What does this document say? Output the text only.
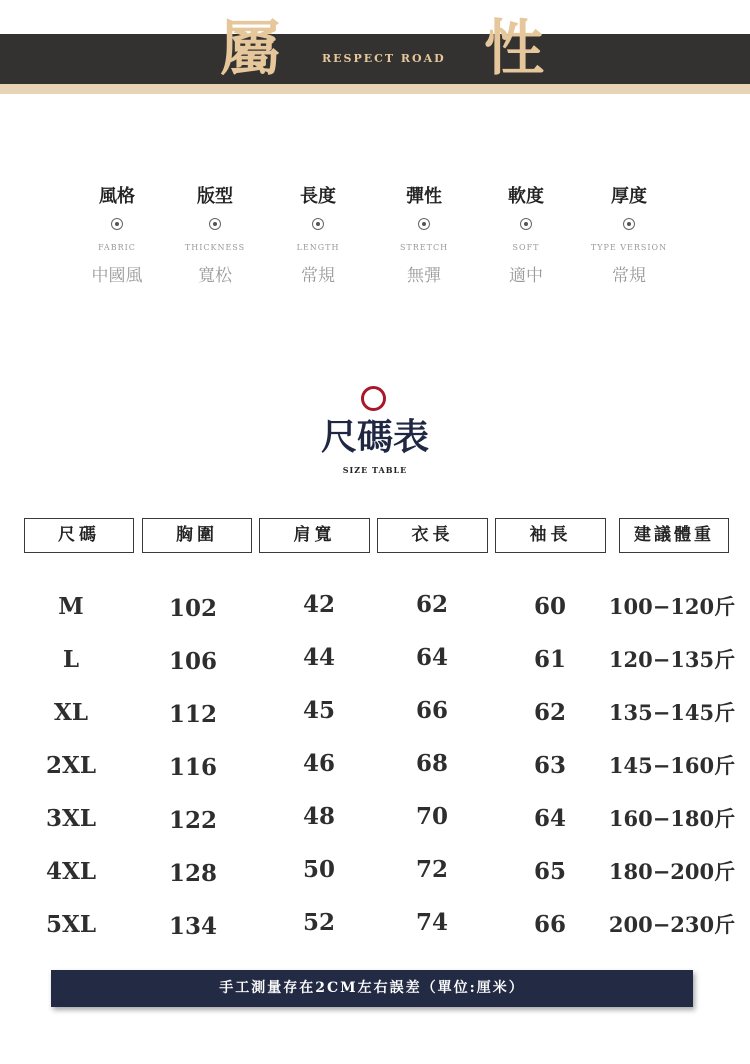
屬	性
RESPECT ROAD
風格
FABRIC
中國風
版型
THICKNESS
寬松
長度
LENGTH
常規
彈性
STRETCH
無彈
軟度
SOFT
適中
厚度
TYPE VERSION
常規
尺碼表
SIZE TABLE
尺碼	胸圍	肩寬	衣長	袖長	建議體重
M	102	42	62	60	100−120斤
L	106	44	64	61	120−135斤
XL	112	45	66	62	135−145斤
2XL	116	46	68	63	145−160斤
3XL	122	48	70	64	160−180斤
4XL	128	50	72	65	180−200斤
5XL	134	52	74	66	200−230斤
手工測量存在2CM左右誤差（單位:厘米）
